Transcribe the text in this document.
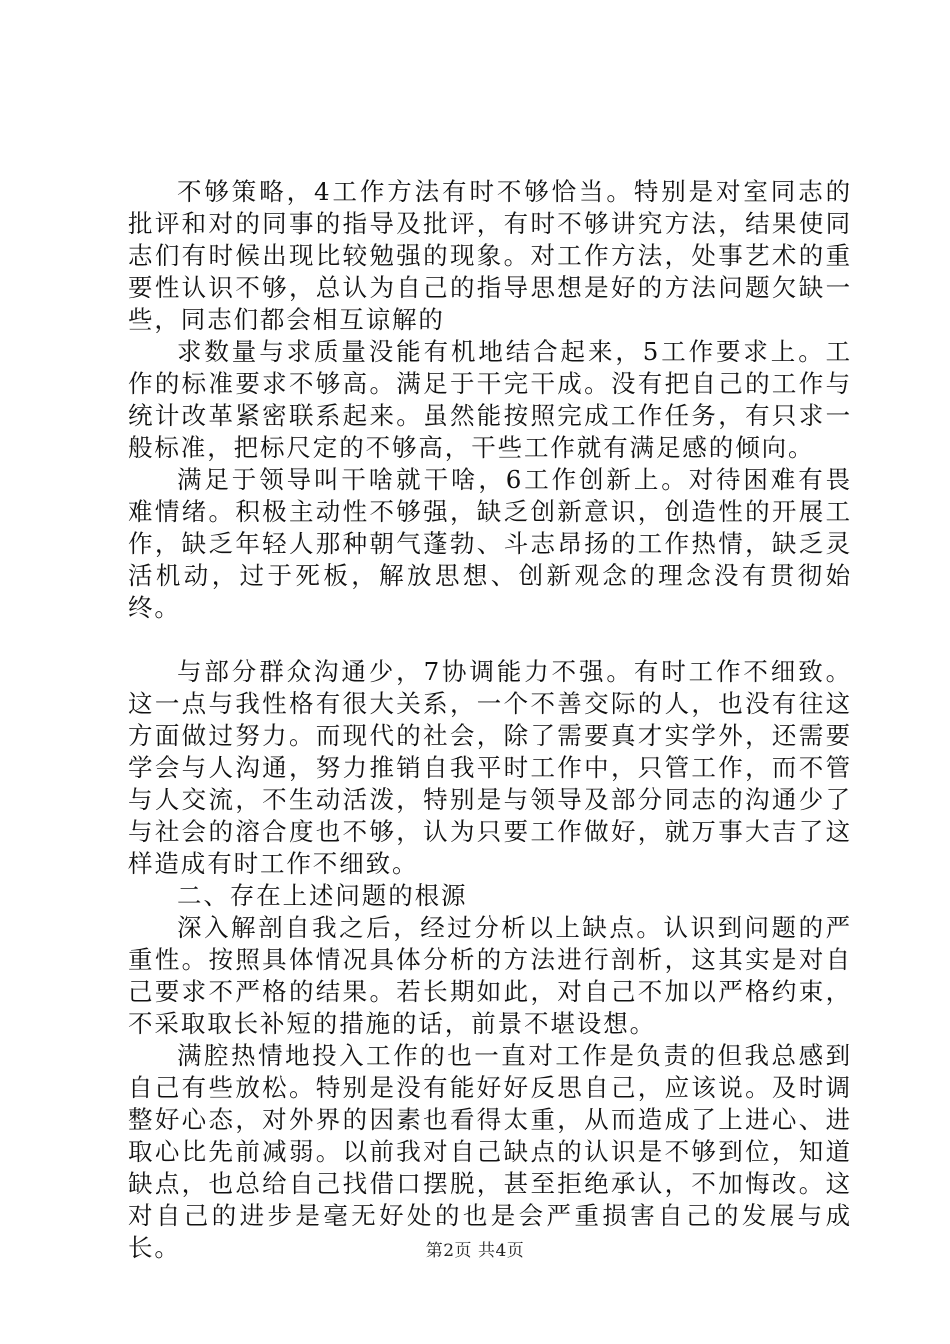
不够策略，4工作方法有时不够恰当。特别是对室同志的批评和对的同事的指导及批评，有时不够讲究方法，结果使同志们有时候出现比较勉强的现象。对工作方法，处事艺术的重要性认识不够，总认为自己的指导思想是好的方法问题欠缺一些，同志们都会相互谅解的

求数量与求质量没能有机地结合起来，5工作要求上。工作的标准要求不够高。满足于干完干成。没有把自己的工作与统计改革紧密联系起来。虽然能按照完成工作任务，有只求一般标准，把标尺定的不够高，干些工作就有满足感的倾向。

满足于领导叫干啥就干啥，6工作创新上。对待困难有畏难情绪。积极主动性不够强，缺乏创新意识，创造性的开展工作，缺乏年轻人那种朝气蓬勃、斗志昂扬的工作热情，缺乏灵活机动，过于死板，解放思想、创新观念的理念没有贯彻始终。

与部分群众沟通少，7协调能力不强。有时工作不细致。这一点与我性格有很大关系，一个不善交际的人，也没有往这方面做过努力。而现代的社会，除了需要真才实学外，还需要学会与人沟通，努力推销自我平时工作中，只管工作，而不管与人交流，不生动活泼，特别是与领导及部分同志的沟通少了与社会的溶合度也不够，认为只要工作做好，就万事大吉了这样造成有时工作不细致。

二、存在上述问题的根源

深入解剖自我之后，经过分析以上缺点。认识到问题的严重性。按照具体情况具体分析的方法进行剖析，这其实是对自己要求不严格的结果。若长期如此，对自己不加以严格约束，不采取取长补短的措施的话，前景不堪设想。

满腔热情地投入工作的也一直对工作是负责的但我总感到自己有些放松。特别是没有能好好反思自己，应该说。及时调整好心态，对外界的因素也看得太重，从而造成了上进心、进取心比先前减弱。以前我对自己缺点的认识是不够到位，知道缺点，也总给自己找借口摆脱，甚至拒绝承认，不加悔改。这对自己的进步是毫无好处的也是会严重损害自己的发展与成长。	第2页 共4页
